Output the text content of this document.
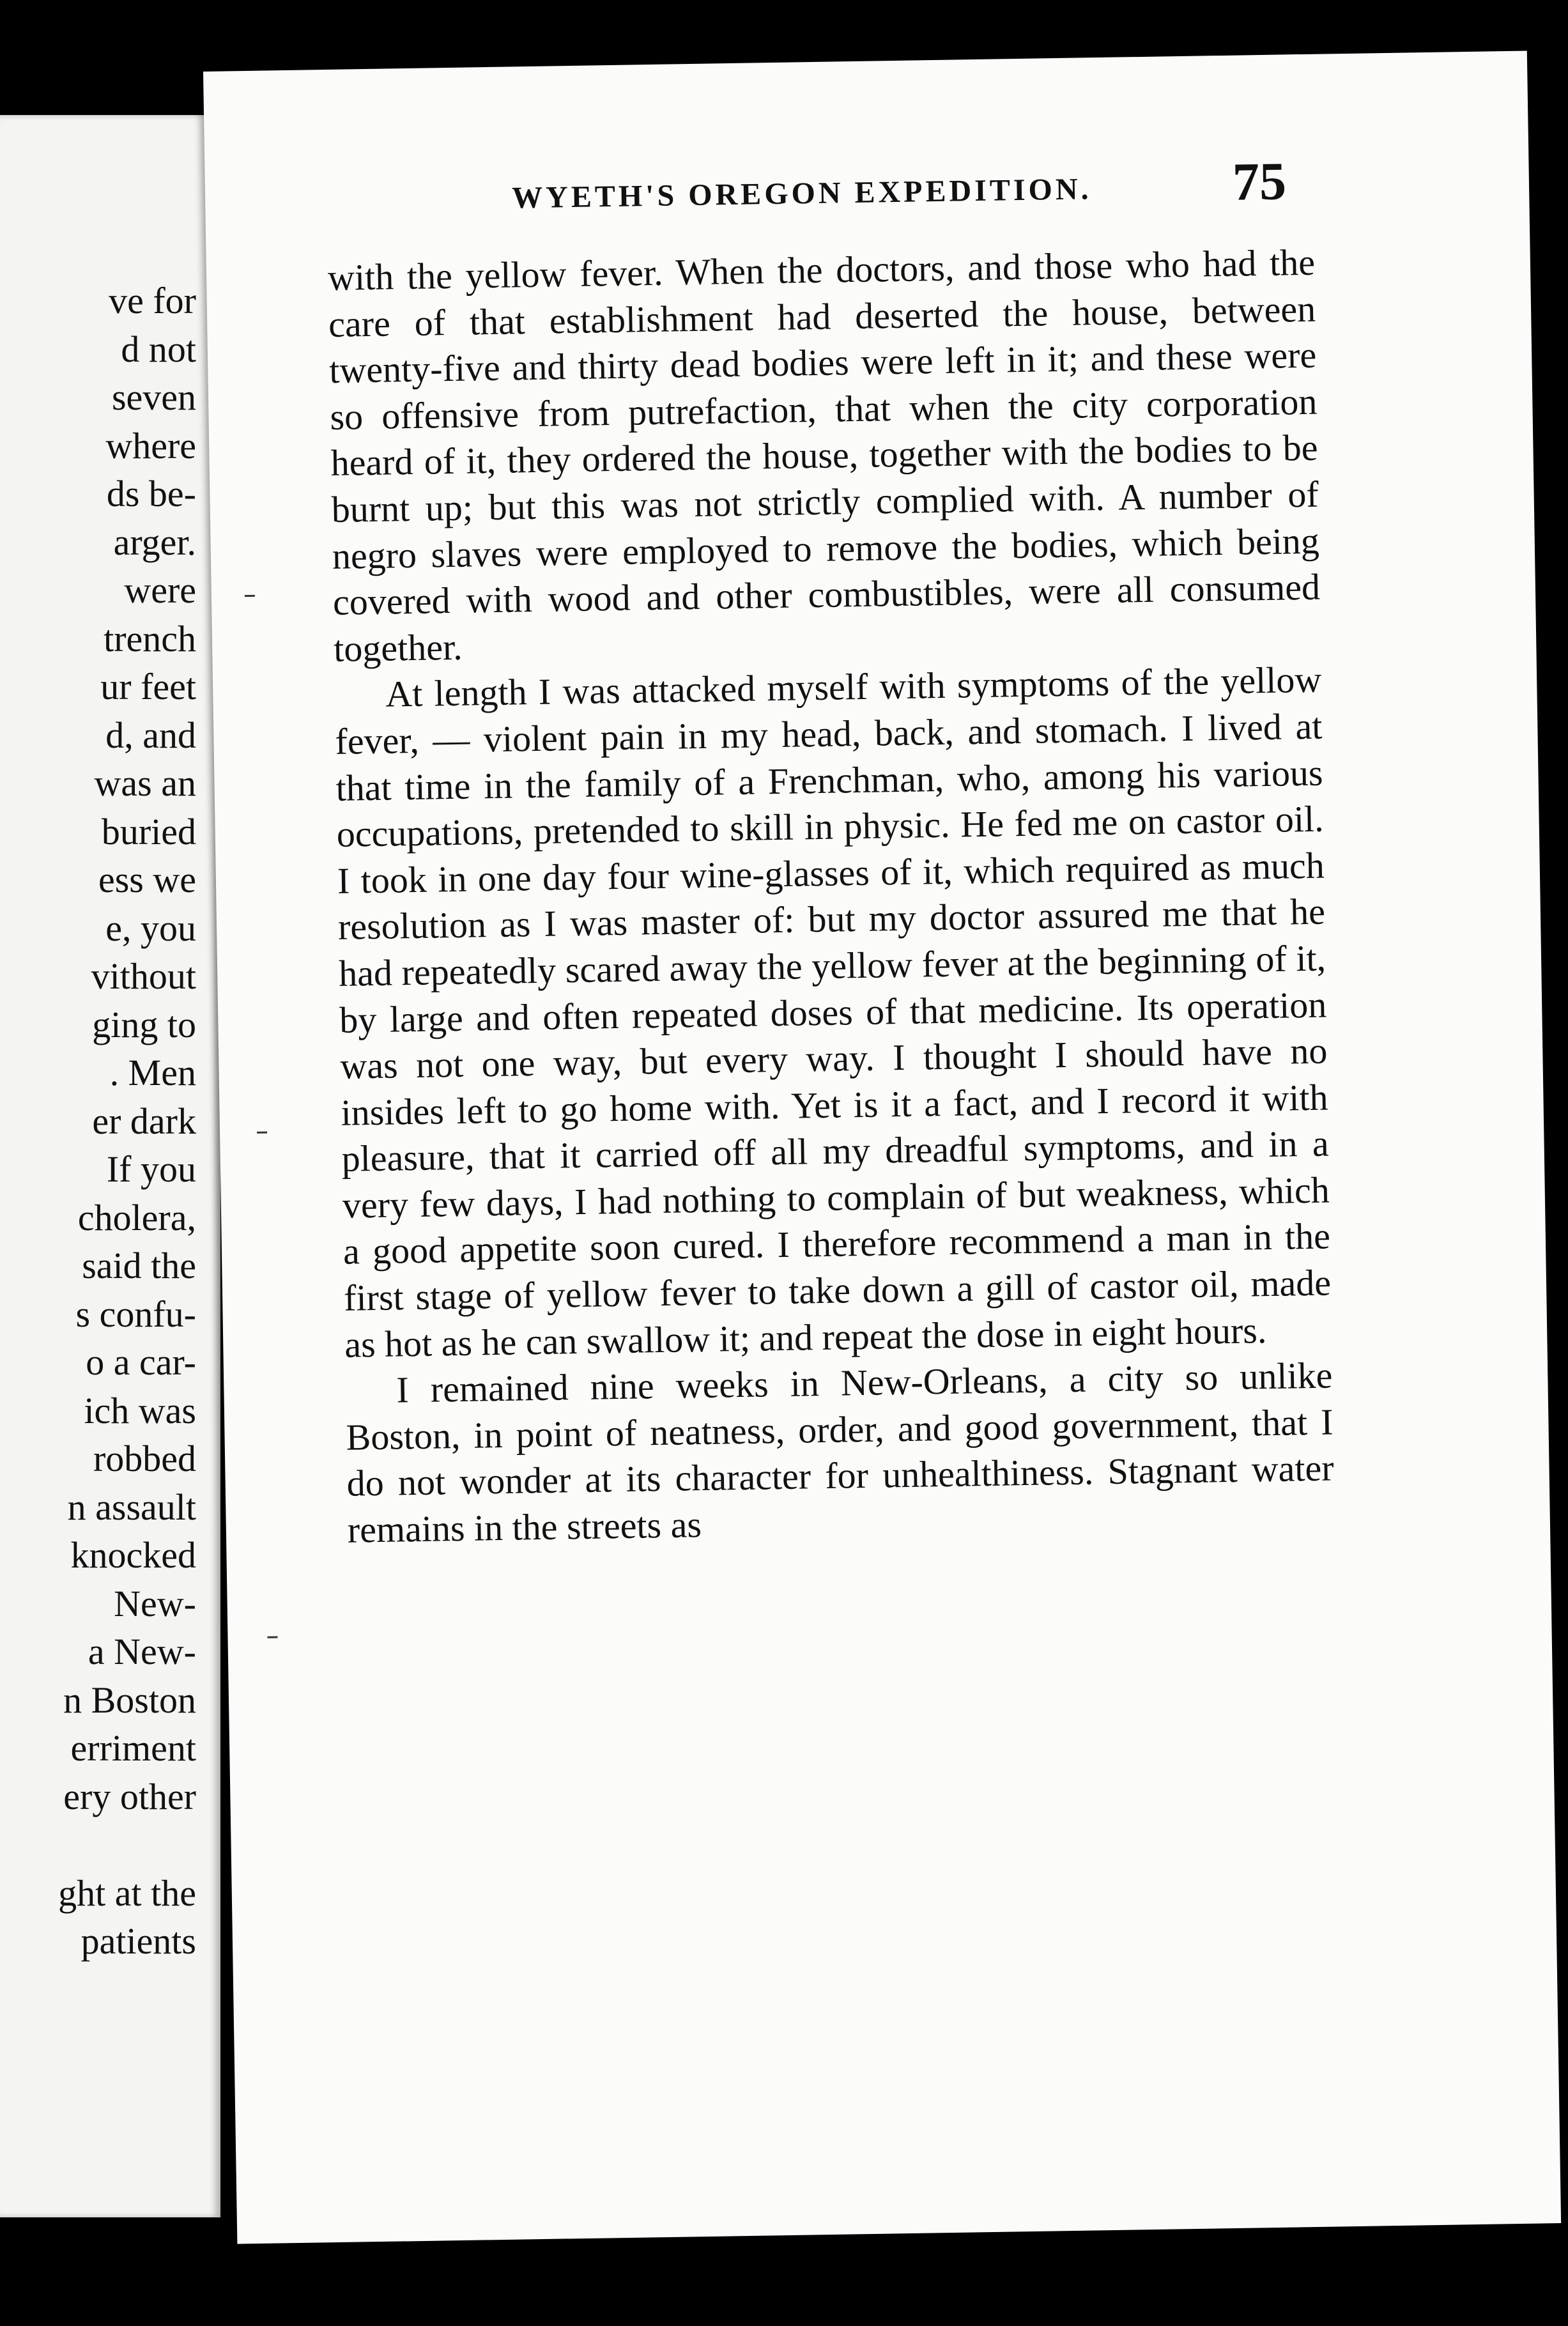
ve for
d not
seven
where
ds be-
arger.
were
trench
ur feet
d, and
was an
buried
ess we
e, you
vithout
ging to
. Men
er dark
If you
cholera,
said the
s confu-
o a car-
ich was
robbed
n assault
knocked
New-
a New-
n Boston
erriment
ery other
ght at the
patients
WYETH'S OREGON EXPEDITION.	75

with the yellow fever. When the doctors, and those who had the care of that establishment had deserted the house, between twenty-five and thirty dead bodies were left in it; and these were so offensive from putrefaction, that when the city corporation heard of it, they ordered the house, together with the bodies to be burnt up; but this was not strictly complied with. A number of negro slaves were employed to remove the bodies, which being covered with wood and other combustibles, were all consumed together.

At length I was attacked myself with symptoms of the yellow fever, — violent pain in my head, back, and stomach. I lived at that time in the family of a Frenchman, who, among his various occupations, pretended to skill in physic. He fed me on castor oil. I took in one day four wine-glasses of it, which required as much resolution as I was master of: but my doctor assured me that he had repeatedly scared away the yellow fever at the beginning of it, by large and often repeated doses of that medicine. Its operation was not one way, but every way. I thought I should have no insides left to go home with. Yet is it a fact, and I record it with pleasure, that it carried off all my dreadful symptoms, and in a very few days, I had nothing to complain of but weakness, which a good appetite soon cured. I therefore recommend a man in the first stage of yellow fever to take down a gill of castor oil, made as hot as he can swallow it; and repeat the dose in eight hours.

I remained nine weeks in New-Orleans, a city so unlike Boston, in point of neatness, order, and good government, that I do not wonder at its character for unhealthiness. Stagnant water remains in the streets as
